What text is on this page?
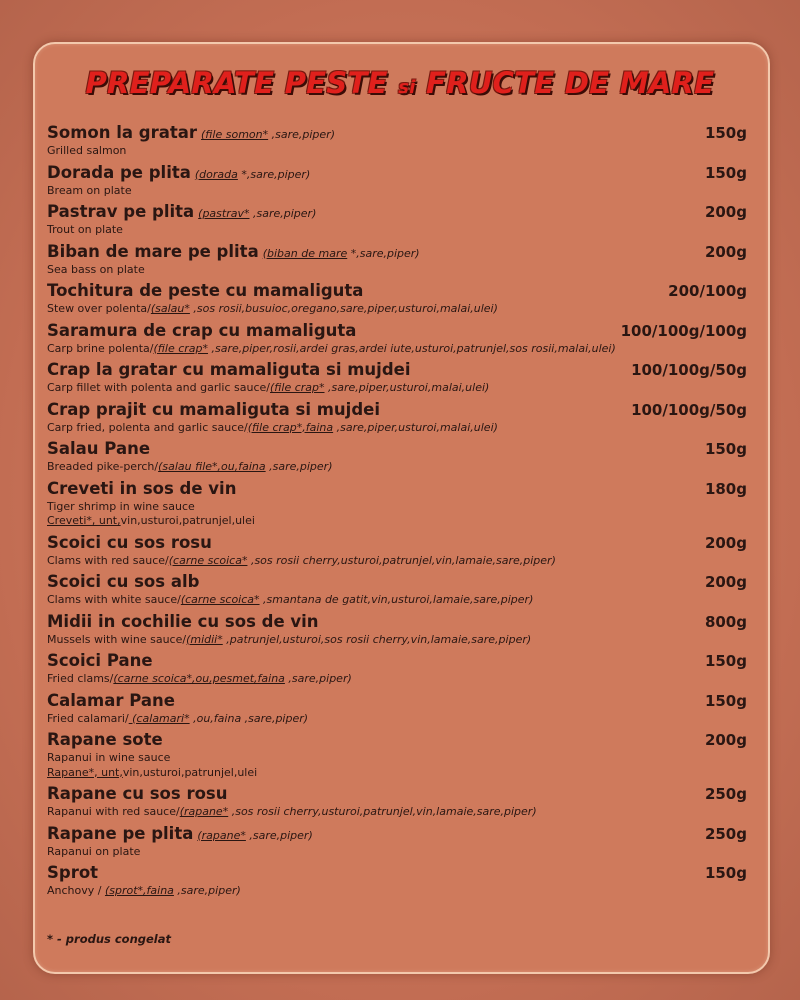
PREPARATE PESTE si FRUCTE DE MARE
Somon la gratar (file somon* ,sare,piper)	150g
Grilled salmon
Dorada pe plita (dorada *,sare,piper)	150g
Bream on plate
Pastrav pe plita (pastrav* ,sare,piper)	200g
Trout on plate
Biban de mare pe plita (biban de mare *,sare,piper)	200g
Sea bass on plate
Tochitura de peste cu mamaliguta	200/100g
Stew over polenta/(salau* ,sos rosii,busuioc,oregano,sare,piper,usturoi,malai,ulei)
Saramura de crap cu mamaliguta	100/100g/100g
Carp brine polenta/(file crap* ,sare,piper,rosii,ardei gras,ardei iute,usturoi,patrunjel,sos rosii,malai,ulei)
Crap la gratar cu mamaliguta si mujdei	100/100g/50g
Carp fillet with polenta and garlic sauce/(file crap* ,sare,piper,usturoi,malai,ulei)
Crap prajit cu mamaliguta si mujdei	100/100g/50g
Carp fried, polenta and garlic sauce/(file crap*,faina ,sare,piper,usturoi,malai,ulei)
Salau Pane	150g
Breaded pike-perch/(salau file*,ou,faina ,sare,piper)
Creveti in sos de vin	180g
Tiger shrimp in wine sauce
Creveti*, unt,vin,usturoi,patrunjel,ulei
Scoici cu sos rosu	200g
Clams with red sauce/(carne scoica* ,sos rosii cherry,usturoi,patrunjel,vin,lamaie,sare,piper)
Scoici cu sos alb	200g
Clams with white sauce/(carne scoica* ,smantana de gatit,vin,usturoi,lamaie,sare,piper)
Midii in cochilie cu sos de vin	800g
Mussels with wine sauce/(midii* ,patrunjel,usturoi,sos rosii cherry,vin,lamaie,sare,piper)
Scoici Pane	150g
Fried clams/(carne scoica*,ou,pesmet,faina ,sare,piper)
Calamar Pane	150g
Fried calamari/ (calamari* ,ou,faina ,sare,piper)
Rapane sote	200g
Rapanui in wine sauce
Rapane*, unt,vin,usturoi,patrunjel,ulei
Rapane cu sos rosu	250g
Rapanui with red sauce/(rapane* ,sos rosii cherry,usturoi,patrunjel,vin,lamaie,sare,piper)
Rapane pe plita (rapane* ,sare,piper)	250g
Rapanui on plate
Sprot	150g
Anchovy / (sprot*,faina ,sare,piper)
* - produs congelat
